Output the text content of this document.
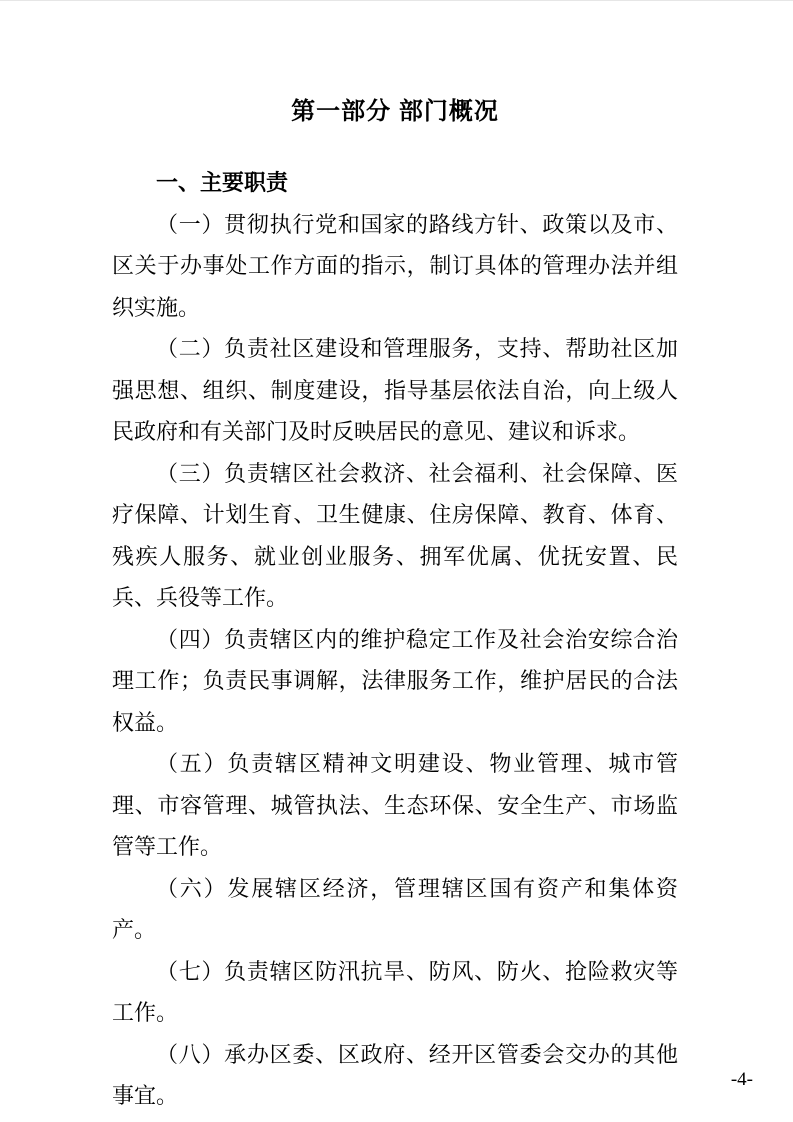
第一部分 部门概况
一、主要职责

（一）贯彻执行党和国家的路线方针、政策以及市、区关于办事处工作方面的指示，制订具体的管理办法并组织实施。

（二）负责社区建设和管理服务，支持、帮助社区加强思想、组织、制度建设，指导基层依法自治，向上级人民政府和有关部门及时反映居民的意见、建议和诉求。

（三）负责辖区社会救济、社会福利、社会保障、医疗保障、计划生育、卫生健康、住房保障、教育、体育、残疾人服务、就业创业服务、拥军优属、优抚安置、民兵、兵役等工作。

（四）负责辖区内的维护稳定工作及社会治安综合治理工作；负责民事调解，法律服务工作，维护居民的合法权益。

（五）负责辖区精神文明建设、物业管理、城市管理、市容管理、城管执法、生态环保、安全生产、市场监管等工作。

（六）发展辖区经济，管理辖区国有资产和集体资产。

（七）负责辖区防汛抗旱、防风、防火、抢险救灾等工作。

（八）承办区委、区政府、经开区管委会交办的其他事宜。

-4-
